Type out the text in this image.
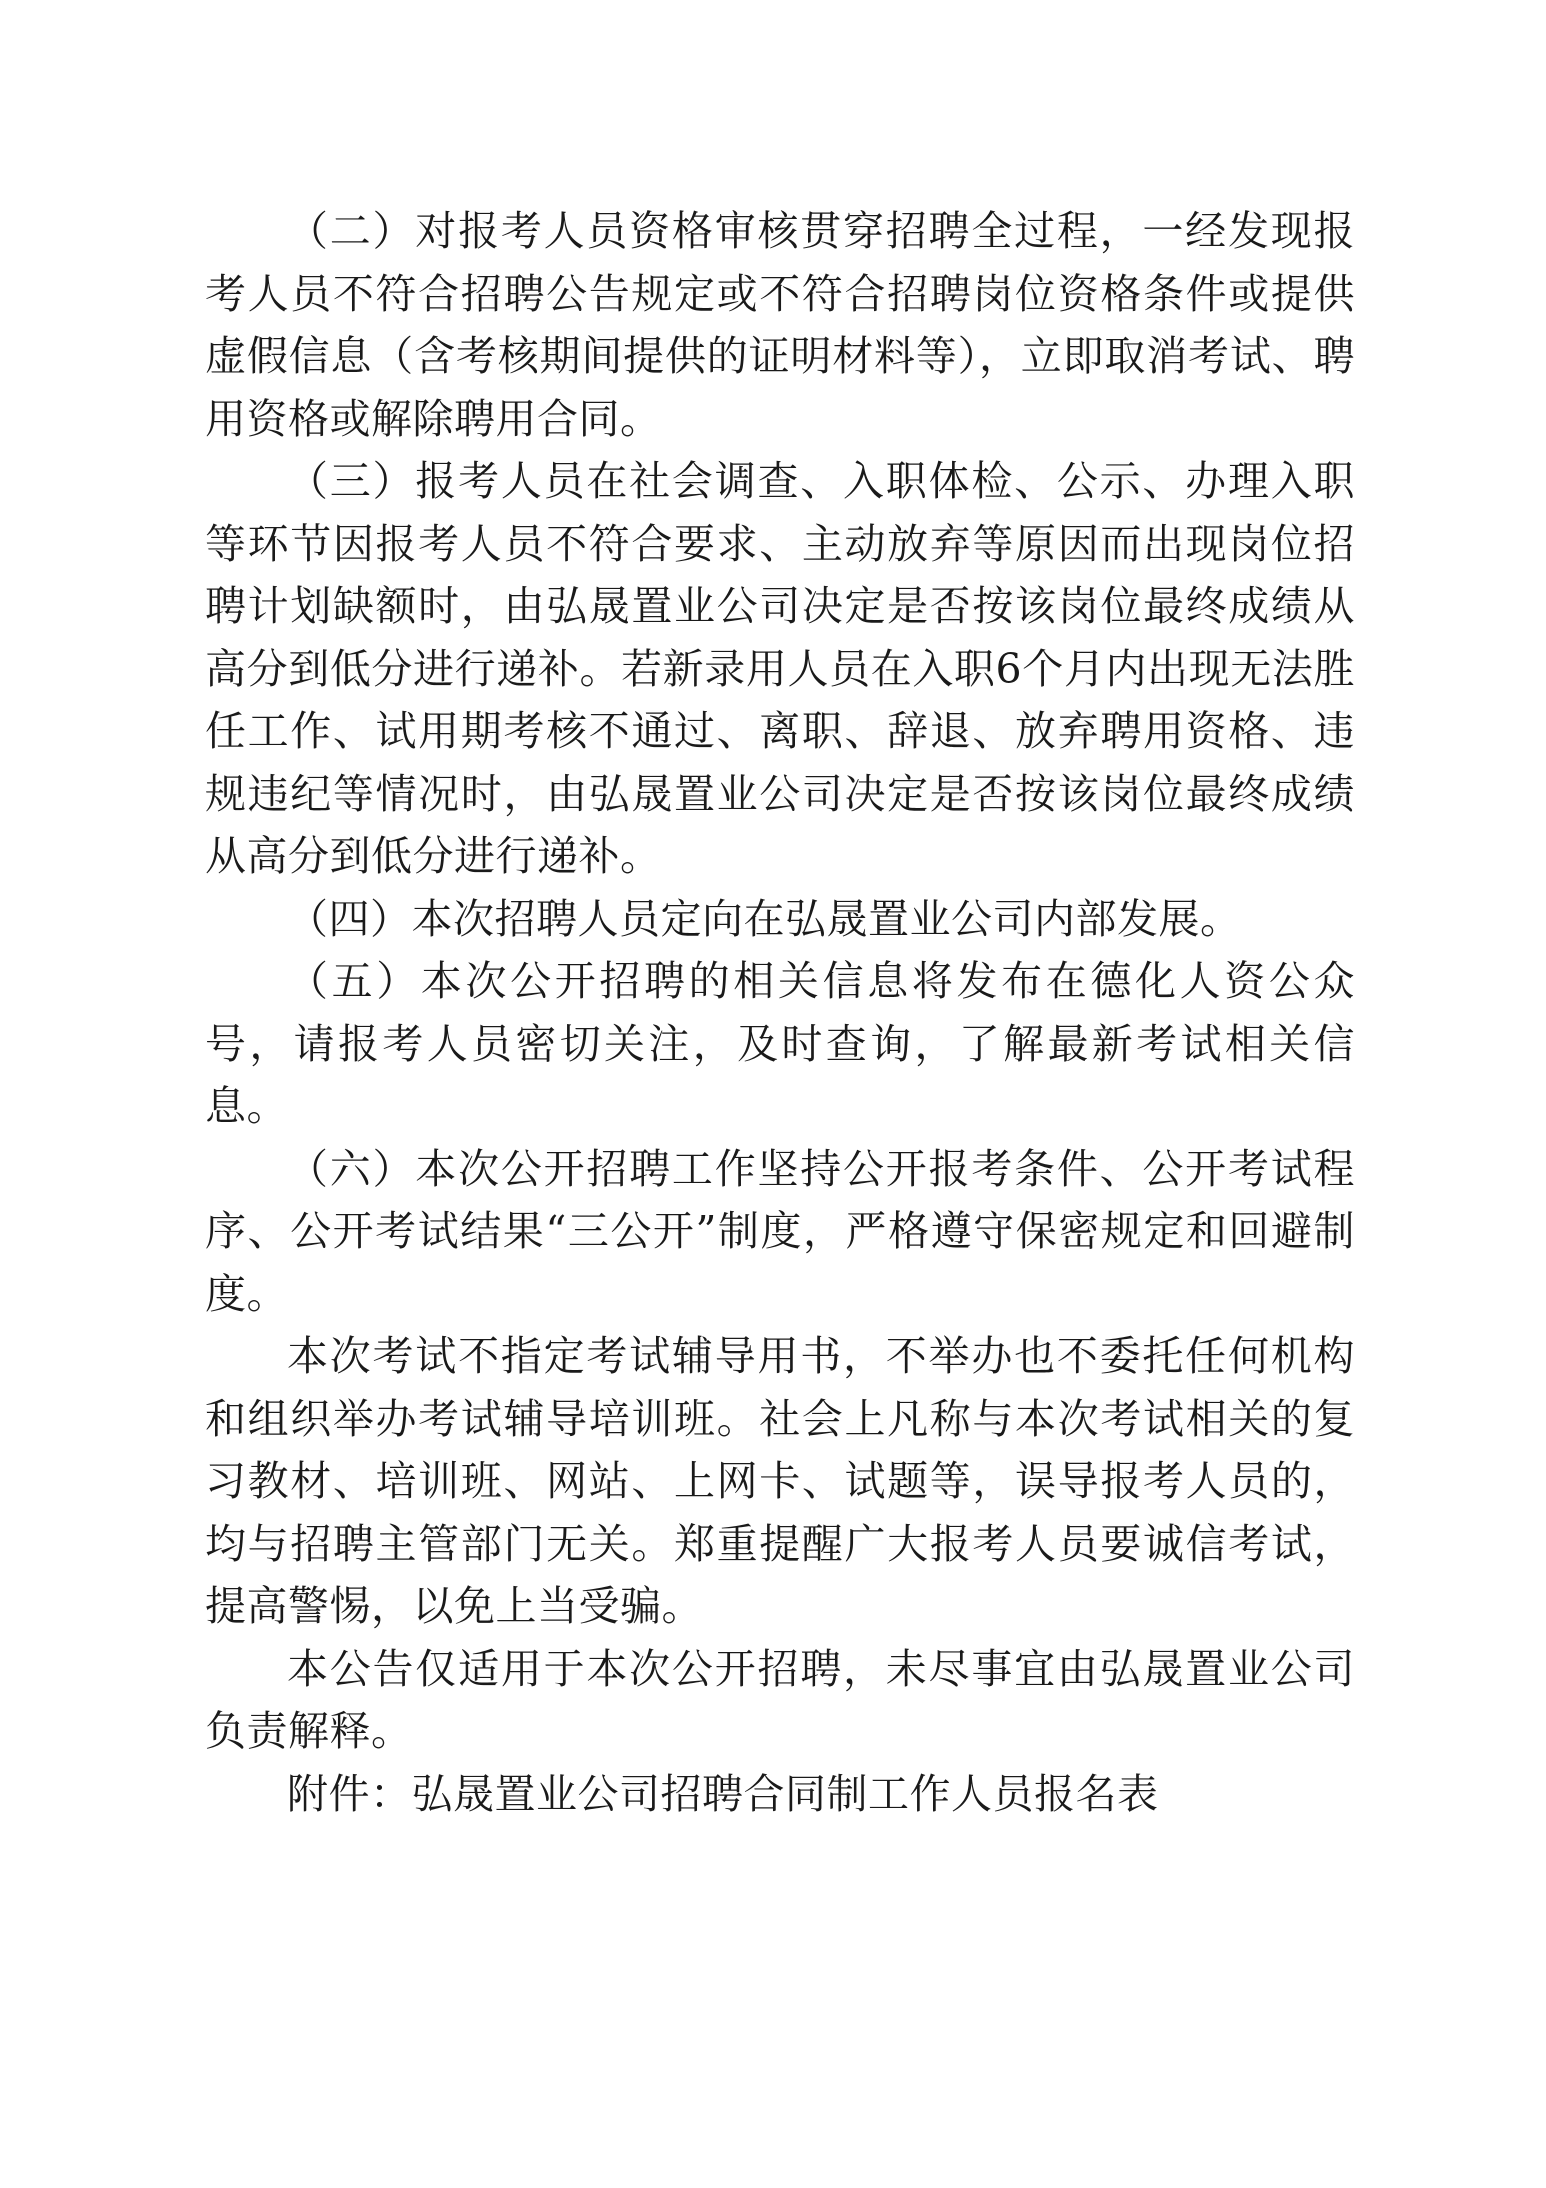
（二）对报考人员资格审核贯穿招聘全过程，一经发现报考人员不符合招聘公告规定或不符合招聘岗位资格条件或提供虚假信息（含考核期间提供的证明材料等），立即取消考试、聘用资格或解除聘用合同。

（三）报考人员在社会调查、入职体检、公示、办理入职等环节因报考人员不符合要求、主动放弃等原因而出现岗位招聘计划缺额时，由弘晟置业公司决定是否按该岗位最终成绩从高分到低分进行递补。若新录用人员在入职6个月内出现无法胜任工作、试用期考核不通过、离职、辞退、放弃聘用资格、违规违纪等情况时，由弘晟置业公司决定是否按该岗位最终成绩从高分到低分进行递补。

（四）本次招聘人员定向在弘晟置业公司内部发展。

（五）本次公开招聘的相关信息将发布在德化人资公众号，请报考人员密切关注，及时查询，了解最新考试相关信息。

（六）本次公开招聘工作坚持公开报考条件、公开考试程序、公开考试结果“三公开”制度，严格遵守保密规定和回避制度。

本次考试不指定考试辅导用书，不举办也不委托任何机构和组织举办考试辅导培训班。社会上凡称与本次考试相关的复习教材、培训班、网站、上网卡、试题等，误导报考人员的，均与招聘主管部门无关。郑重提醒广大报考人员要诚信考试，提高警惕，以免上当受骗。

本公告仅适用于本次公开招聘，未尽事宜由弘晟置业公司负责解释。

附件：弘晟置业公司招聘合同制工作人员报名表
